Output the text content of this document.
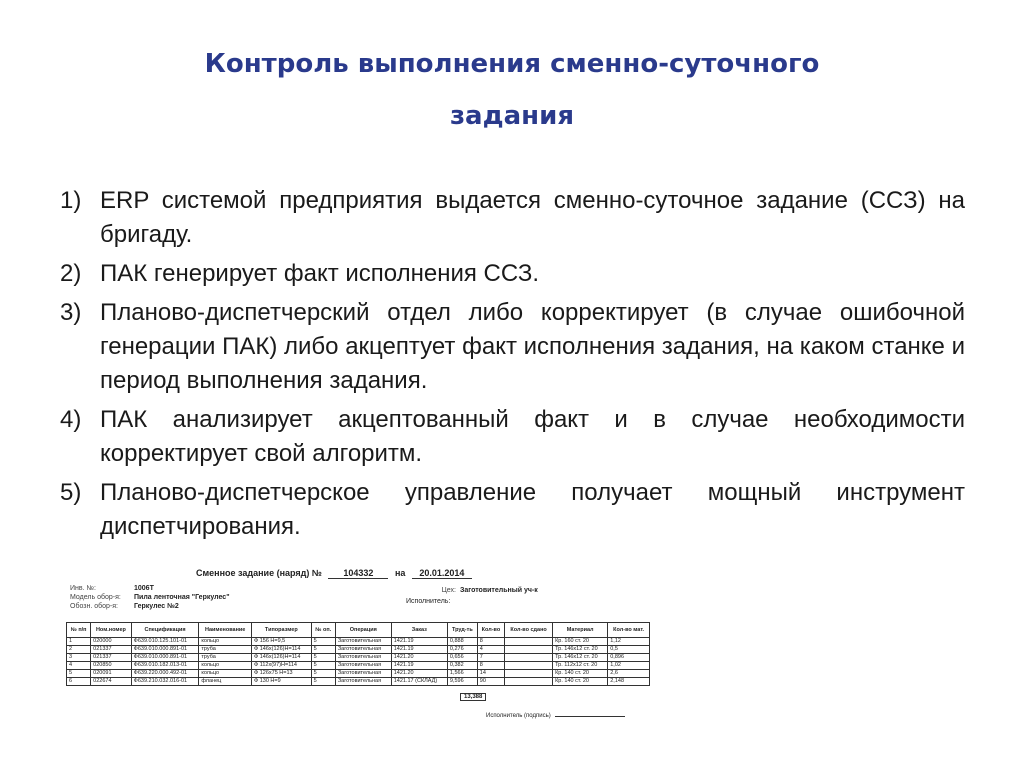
Контроль выполнения сменно-суточного
задания
1) ERP системой предприятия выдается сменно-суточное задание (ССЗ) на бригаду.
2) ПАК генерирует факт исполнения ССЗ.
3) Планово-диспетчерский отдел либо корректирует (в случае ошибочной генерации ПАК) либо акцептует факт исполнения задания, на каком станке и период выполнения задания.
4) ПАК анализирует акцептованный факт и в случае необходимости корректирует свой алгоритм.
5) Планово-диспетчерское управление получает мощный инструмент диспетчирования.
Сменное задание (наряд) № 104332 на 20.01.2014
Инв. №:	1006Т
Модель обор-я: Пила ленточная "Геркулес"
Обозн. обор-я: Геркулес №2
Цех: Заготовительный уч-к
Исполнитель:
№ п/п	Ном.номер	Спецификация	Наименование	Типоразмер	№ оп.	Операция	Заказ	Труд-ть	Кол-во	Кол-во сдано	Материал	Кол-во мат.
1	020000	Ф639.010.125.101-01	кольцо	Ф 156 Н=9,5	5	Заготовительная	1421.19	0,888	8		Кр. 160 ст. 20	1,12
2	021337	Ф639.010.000.891-01	труба	Ф 146х(126)Н=114	5	Заготовительная	1421.19	0,276	4		Тр. 146х12 ст. 20	0,5
3	021337	Ф639.010.000.891-01	труба	Ф 146х(126)Н=114	5	Заготовительная	1421.20	0,656	7		Тр. 146х12 ст. 20	0,896
4	020850	Ф639.010.182.013-01	кольцо	Ф 112х(97)Н=114	5	Заготовительная	1421.19	0,382	8		Тр. 112х12 ст. 20	1,02
5	020091	Ф639.220.000.492-01	кольцо	Ф 126х75 Н=13	5	Заготовительная	1421.20	1,566	14		Кр. 140 ст. 20	2,6
6	022674	Ф639.210.032.016-01	фланец	Ф 130 Н=9	5	Заготовительная	1421.17 (СКЛАД)	9,596	90		Кр. 140 ст. 20	2,148
13,388
Исполнитель (подпись)
